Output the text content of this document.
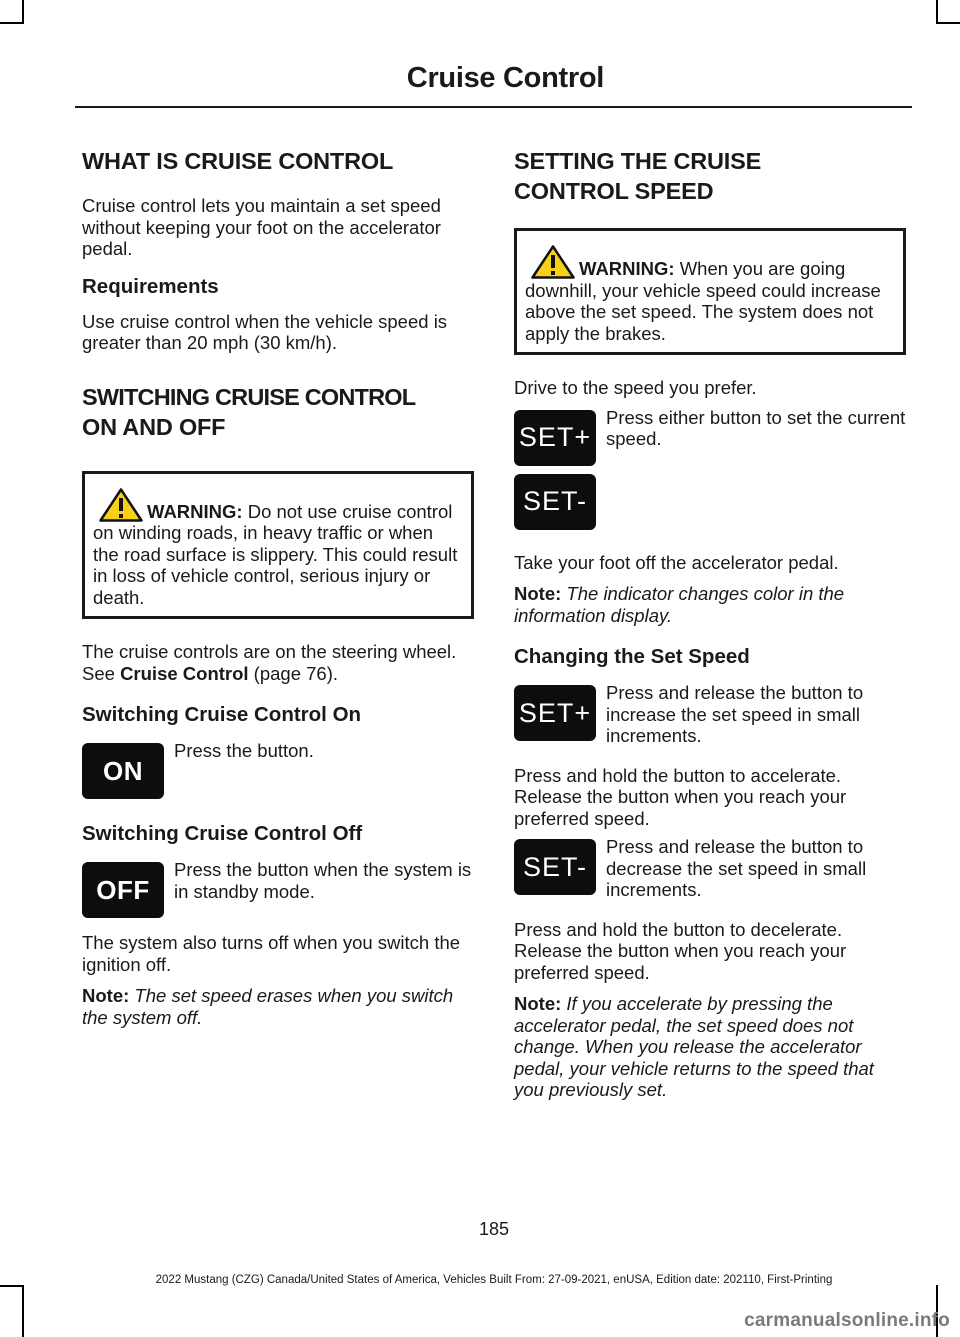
Cruise Control
WHAT IS CRUISE CONTROL

Cruise control lets you maintain a set speed without keeping your foot on the accelerator pedal.

Requirements

Use cruise control when the vehicle speed is greater than 20 mph (30 km/h).

SWITCHING CRUISE CONTROL
ON AND OFF
WARNING: Do not use cruise control on winding roads, in heavy traffic or when the road surface is slippery. This could result in loss of vehicle control, serious injury or death.

The cruise controls are on the steering wheel. See Cruise Control (page 76).

Switching Cruise Control On
ON
Press the button.
Switching Cruise Control Off
OFF
Press the button when the system is in standby mode.

The system also turns off when you switch the ignition off.

Note: The set speed erases when you switch the system off.

SETTING THE CRUISE
CONTROL SPEED
WARNING: When you are going downhill, your vehicle speed could increase above the set speed. The system does not apply the brakes.

Drive to the speed you prefer.

SET+
SET-
Press either button to set the current speed.

Take your foot off the accelerator pedal.

Note: The indicator changes color in the information display.

Changing the Set Speed
SET+
Press and release the button to increase the set speed in small increments.

Press and hold the button to accelerate. Release the button when you reach your preferred speed.

SET-
Press and release the button to decrease the set speed in small increments.

Press and hold the button to decelerate. Release the button when you reach your preferred speed.

Note: If you accelerate by pressing the accelerator pedal, the set speed does not change. When you release the accelerator pedal, your vehicle returns to the speed that you previously set.

185
2022 Mustang (CZG) Canada/United States of America, Vehicles Built From: 27-09-2021, enUSA, Edition date: 202110, First-Printing
carmanualsonline.info
